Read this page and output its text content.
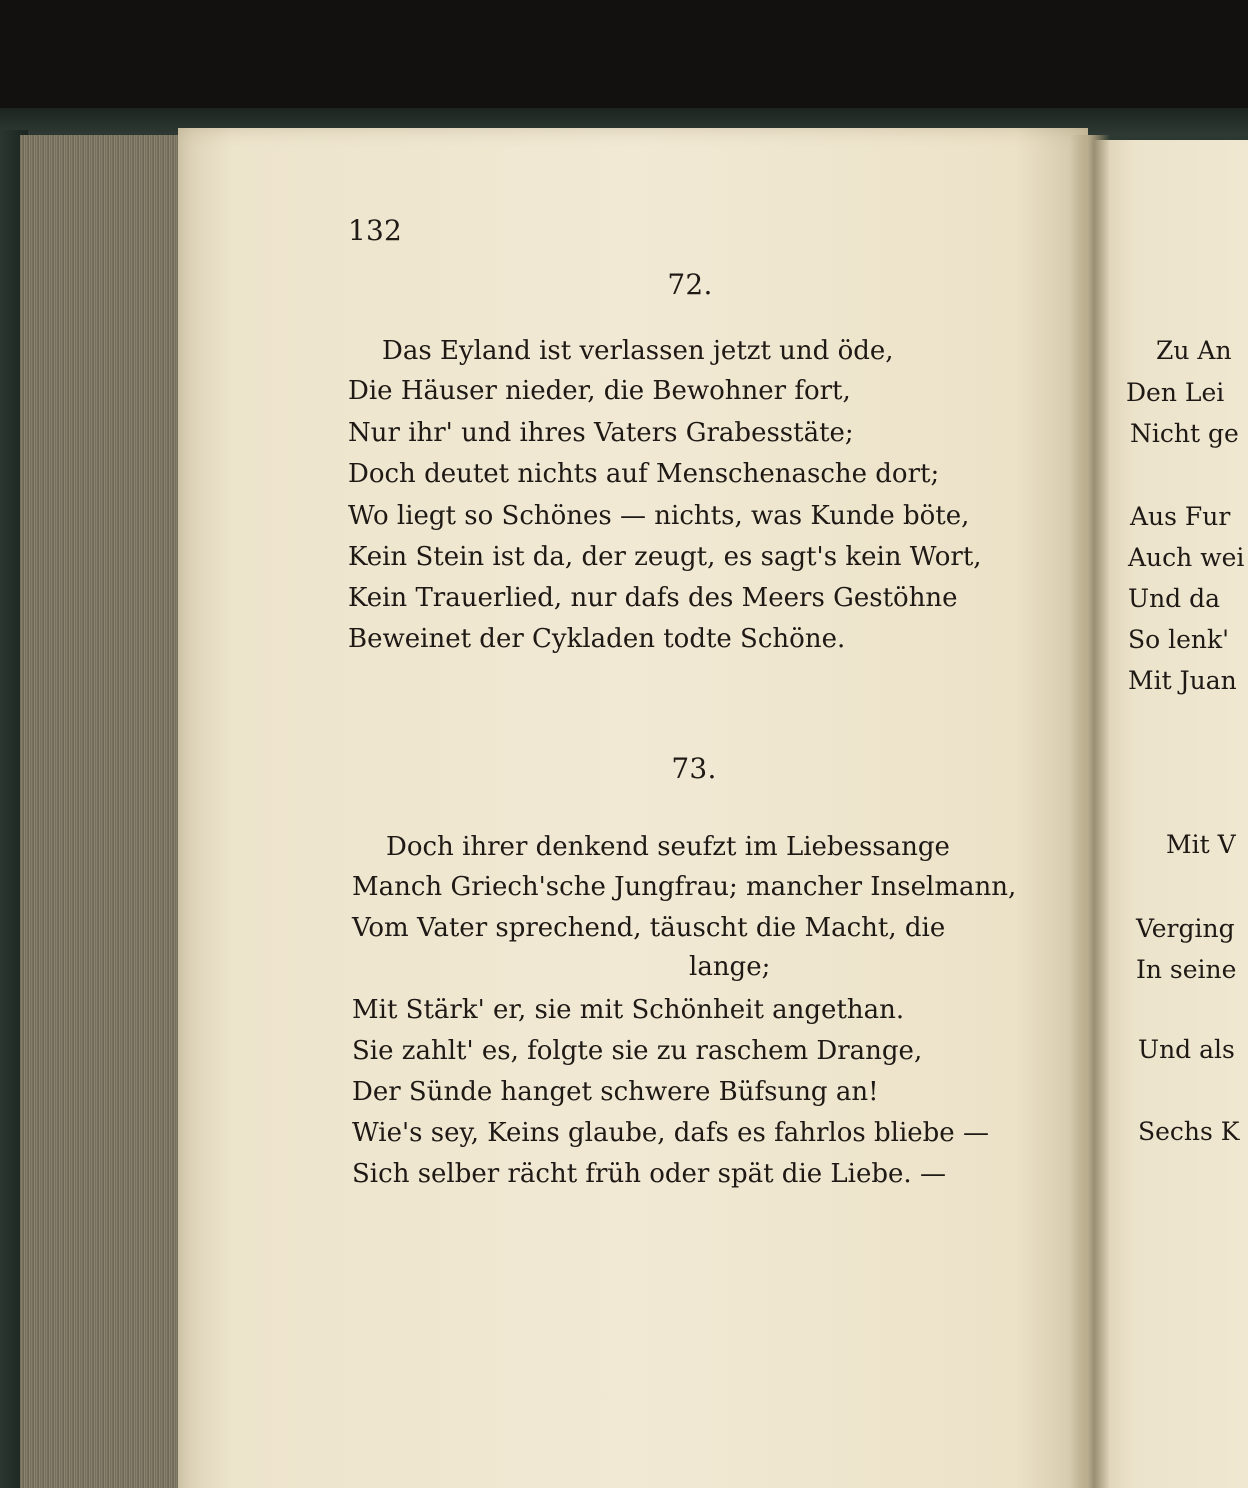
132
72.
Das Eyland ist verlassen jetzt und öde,
Die Häuser nieder, die Bewohner fort,
Nur ihr' und ihres Vaters Grabesstäte;
Doch deutet nichts auf Menschenasche dort;
Wo liegt so Schönes — nichts, was Kunde böte,
Kein Stein ist da, der zeugt, es sagt's kein Wort,
Kein Trauerlied, nur dafs des Meers Gestöhne
Beweinet der Cykladen todte Schöne.
73.
Doch ihrer denkend seufzt im Liebessange
Manch Griech'sche Jungfrau; mancher Inselmann,
Vom Vater sprechend, täuscht die Macht, die
lange;
Mit Stärk' er, sie mit Schönheit angethan.
Sie zahlt' es, folgte sie zu raschem Drange,
Der Sünde hanget schwere Büfsung an!
Wie's sey, Keins glaube, dafs es fahrlos bliebe —
Sich selber rächt früh oder spät die Liebe. —
Zu An
Den Lei
Nicht ge
Aus Fur
Auch wei
Und da
So lenk'
Mit Juan
Mit V
Verging
In seine
Und als
Sechs K
